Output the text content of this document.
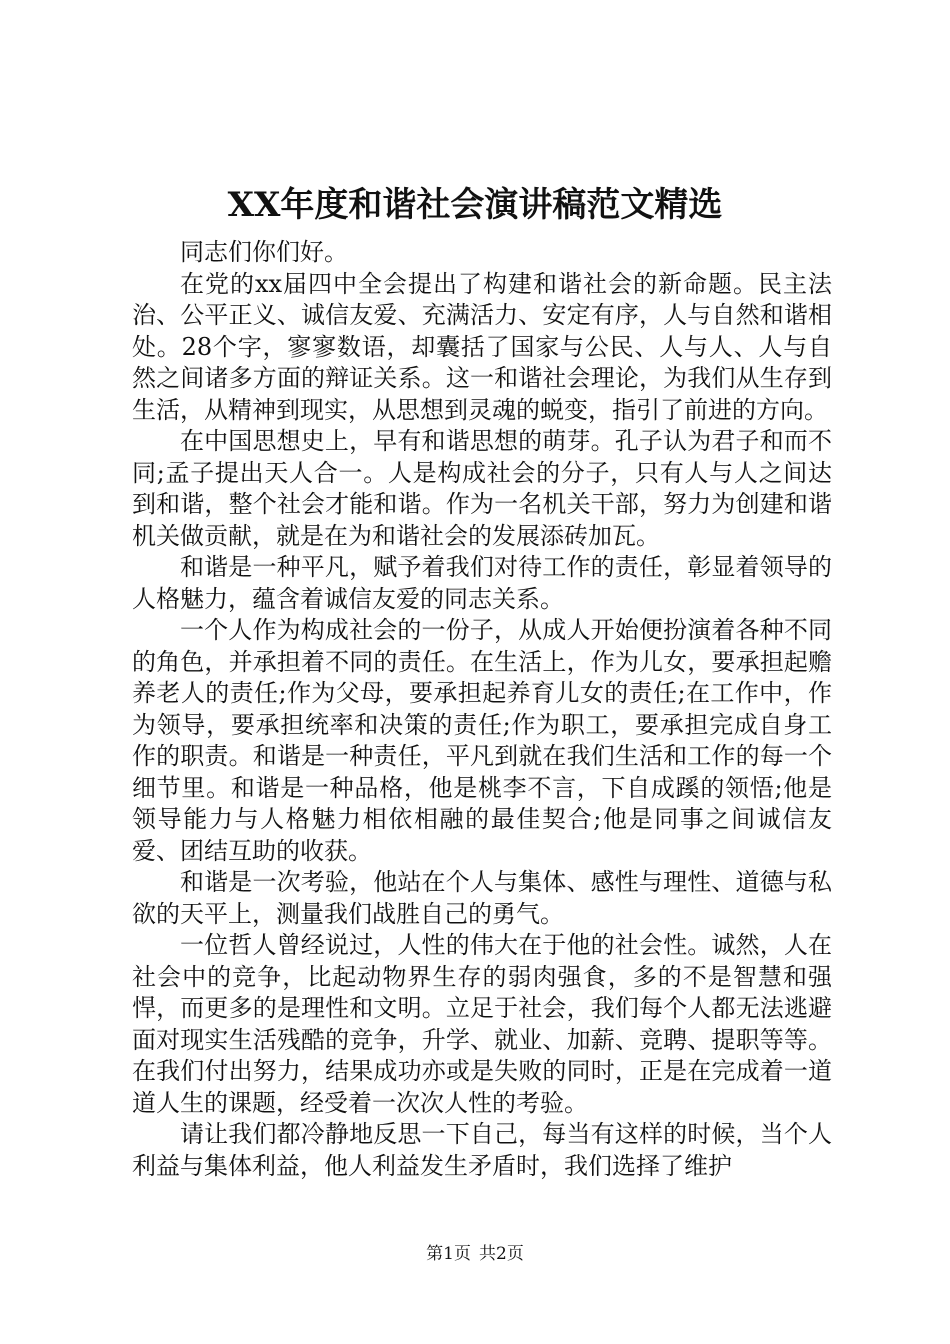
XX年度和谐社会演讲稿范文精选

同志们你们好。

在党的xx届四中全会提出了构建和谐社会的新命题。民主法治、公平正义、诚信友爱、充满活力、安定有序，人与自然和谐相处。28个字，寥寥数语，却囊括了国家与公民、人与人、人与自然之间诸多方面的辩证关系。这一和谐社会理论，为我们从生存到生活，从精神到现实，从思想到灵魂的蜕变，指引了前进的方向。

在中国思想史上，早有和谐思想的萌芽。孔子认为君子和而不同;孟子提出天人合一。人是构成社会的分子，只有人与人之间达到和谐，整个社会才能和谐。作为一名机关干部，努力为创建和谐机关做贡献，就是在为和谐社会的发展添砖加瓦。

和谐是一种平凡，赋予着我们对待工作的责任，彰显着领导的人格魅力，蕴含着诚信友爱的同志关系。

一个人作为构成社会的一份子，从成人开始便扮演着各种不同的角色，并承担着不同的责任。在生活上，作为儿女，要承担起赡养老人的责任;作为父母，要承担起养育儿女的责任;在工作中，作为领导，要承担统率和决策的责任;作为职工，要承担完成自身工作的职责。和谐是一种责任，平凡到就在我们生活和工作的每一个细节里。和谐是一种品格，他是桃李不言，下自成蹊的领悟;他是领导能力与人格魅力相依相融的最佳契合;他是同事之间诚信友爱、团结互助的收获。

和谐是一次考验，他站在个人与集体、感性与理性、道德与私欲的天平上，测量我们战胜自己的勇气。

一位哲人曾经说过，人性的伟大在于他的社会性。诚然，人在社会中的竞争，比起动物界生存的弱肉强食，多的不是智慧和强悍，而更多的是理性和文明。立足于社会，我们每个人都无法逃避面对现实生活残酷的竞争，升学、就业、加薪、竞聘、提职等等。在我们付出努力，结果成功亦或是失败的同时，正是在完成着一道道人生的课题，经受着一次次人性的考验。

请让我们都冷静地反思一下自己，每当有这样的时候，当个人利益与集体利益，他人利益发生矛盾时，我们选择了维护

第1页 共2页
